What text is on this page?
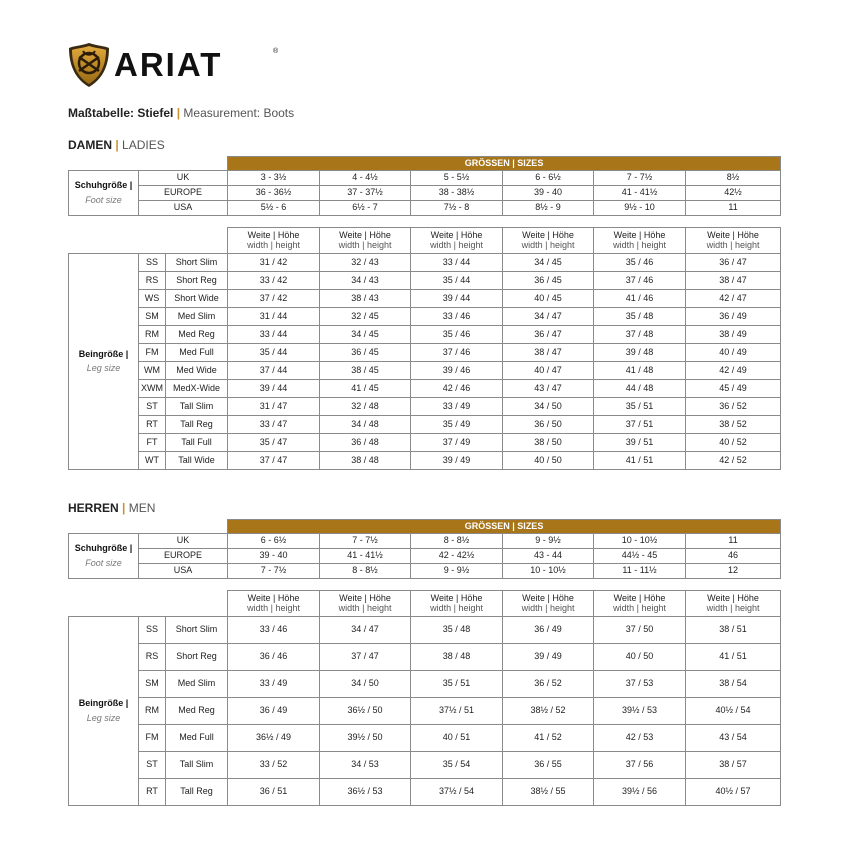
ARIAT	®
Maßtabelle: Stiefel | Measurement: Boots
DAMEN | LADIES
		GRÖSSEN | SIZES					

Schuhgröße |
Foot size	UK	3 - 3½	4 - 4½	5 - 5½	6 - 6½	7 - 7½	8½
	EUROPE	36 - 36½	37 - 37½	38 - 38½	39 - 40	41 - 41½	42½
	USA	5½ - 6	6½ - 7	7½ - 8	8½ - 9	9½ - 10	11

			Weite | Höhe
width | height	Weite | Höhe
width | height	Weite | Höhe
width | height	Weite | Höhe
width | height	Weite | Höhe
width | height	Weite | Höhe
width | height

Beingröße |
Leg size	SS	Short Slim	31 / 42	32 / 43	33 / 44	34 / 45	35 / 46	36 / 47
	RS	Short Reg	33 / 42	34 / 43	35 / 44	36 / 45	37 / 46	38 / 47
	WS	Short Wide	37 / 42	38 / 43	39 / 44	40 / 45	41 / 46	42 / 47
	SM	Med Slim	31 / 44	32 / 45	33 / 46	34 / 47	35 / 48	36 / 49
	RM	Med Reg	33 / 44	34 / 45	35 / 46	36 / 47	37 / 48	38 / 49
	FM	Med Full	35 / 44	36 / 45	37 / 46	38 / 47	39 / 48	40 / 49
	WM	Med Wide	37 / 44	38 / 45	39 / 46	40 / 47	41 / 48	42 / 49
	XWM	MedX-Wide	39 / 44	41 / 45	42 / 46	43 / 47	44 / 48	45 / 49
	ST	Tall Slim	31 / 47	32 / 48	33 / 49	34 / 50	35 / 51	36 / 52
	RT	Tall Reg	33 / 47	34 / 48	35 / 49	36 / 50	37 / 51	38 / 52
	FT	Tall Full	35 / 47	36 / 48	37 / 49	38 / 50	39 / 51	40 / 52
	WT	Tall Wide	37 / 47	38 / 48	39 / 49	40 / 50	41 / 51	42 / 52
HERREN | MEN
		GRÖSSEN | SIZES					

Schuhgröße |
Foot size	UK	6 - 6½	7 - 7½	8 - 8½	9 - 9½	10 - 10½	11
	EUROPE	39 - 40	41 - 41½	42 - 42½	43 - 44	44½ - 45	46
	USA	7 - 7½	8 - 8½	9 - 9½	10 - 10½	11 - 11½	12

			Weite | Höhe
width | height	Weite | Höhe
width | height	Weite | Höhe
width | height	Weite | Höhe
width | height	Weite | Höhe
width | height	Weite | Höhe
width | height

Beingröße |
Leg size	SS	Short Slim	33 / 46	34 / 47	35 / 48	36 / 49	37 / 50	38 / 51
	RS	Short Reg	36 / 46	37 / 47	38 / 48	39 / 49	40 / 50	41 / 51
	SM	Med Slim	33 / 49	34 / 50	35 / 51	36 / 52	37 / 53	38 / 54
	RM	Med Reg	36 / 49	36½ / 50	37½ / 51	38½ / 52	39½ / 53	40½ / 54
	FM	Med Full	36½ / 49	39½ / 50	40 / 51	41 / 52	42 / 53	43 / 54
	ST	Tall Slim	33 / 52	34 / 53	35 / 54	36 / 55	37 / 56	38 / 57
	RT	Tall Reg	36 / 51	36½ / 53	37½ / 54	38½ / 55	39½ / 56	40½ / 57
